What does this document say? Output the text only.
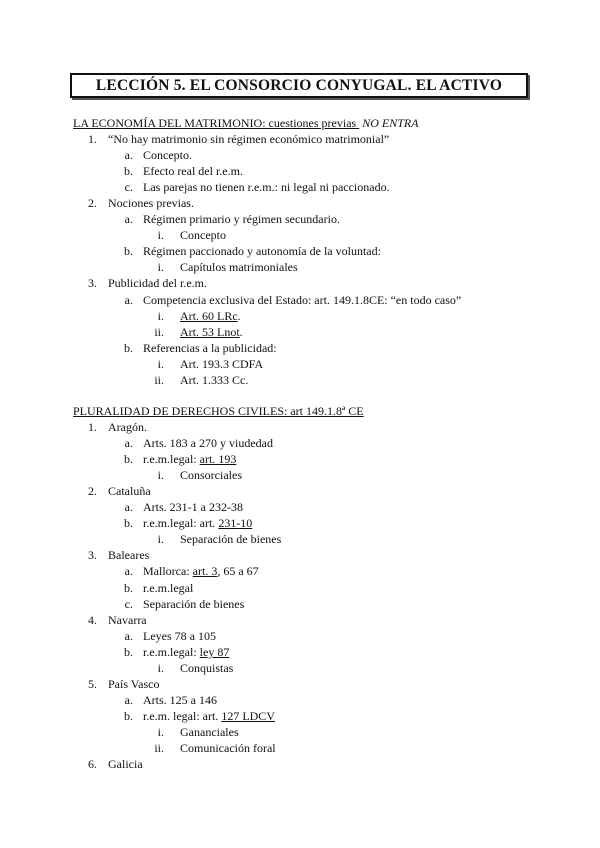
LECCIÓN 5. EL CONSORCIO CONYUGAL. EL ACTIVO
LA ECONOMÍA DEL MATRIMONIO: cuestiones previas NO ENTRA
1. “No hay matrimonio sin régimen económico matrimonial”
a. Concepto.
b. Efecto real del r.e.m.
c. Las parejas no tienen r.e.m.: ni legal ni paccionado.
2. Nociones previas.
a. Régimen primario y régimen secundario.
i. Concepto
b. Régimen paccionado y autonomía de la voluntad:
i. Capítulos matrimoniales
3. Publicidad del r.e.m.
a. Competencia exclusiva del Estado: art. 149.1.8CE: “en todo caso”
i. Art. 60 LRc.
ii. Art. 53 Lnot.
b. Referencias a la publicidad:
i. Art. 193.3 CDFA
ii. Art. 1.333 Cc.
PLURALIDAD DE DERECHOS CIVILES: art 149.1.8ª CE
1. Aragón.
a. Arts. 183 a 270 y viudedad
b. r.e.m.legal: art. 193
i. Consorciales
2. Cataluña
a. Arts. 231-1 a 232-38
b. r.e.m.legal: art. 231-10
i. Separación de bienes
3. Baleares
a. Mallorca: art. 3, 65 a 67
b. r.e.m.legal
c. Separación de bienes
4. Navarra
a. Leyes 78 a 105
b. r.e.m.legal: ley 87
i. Conquistas
5. País Vasco
a. Arts. 125 a 146
b. r.e.m. legal: art. 127 LDCV
i. Gananciales
ii. Comunicación foral
6. Galicia
